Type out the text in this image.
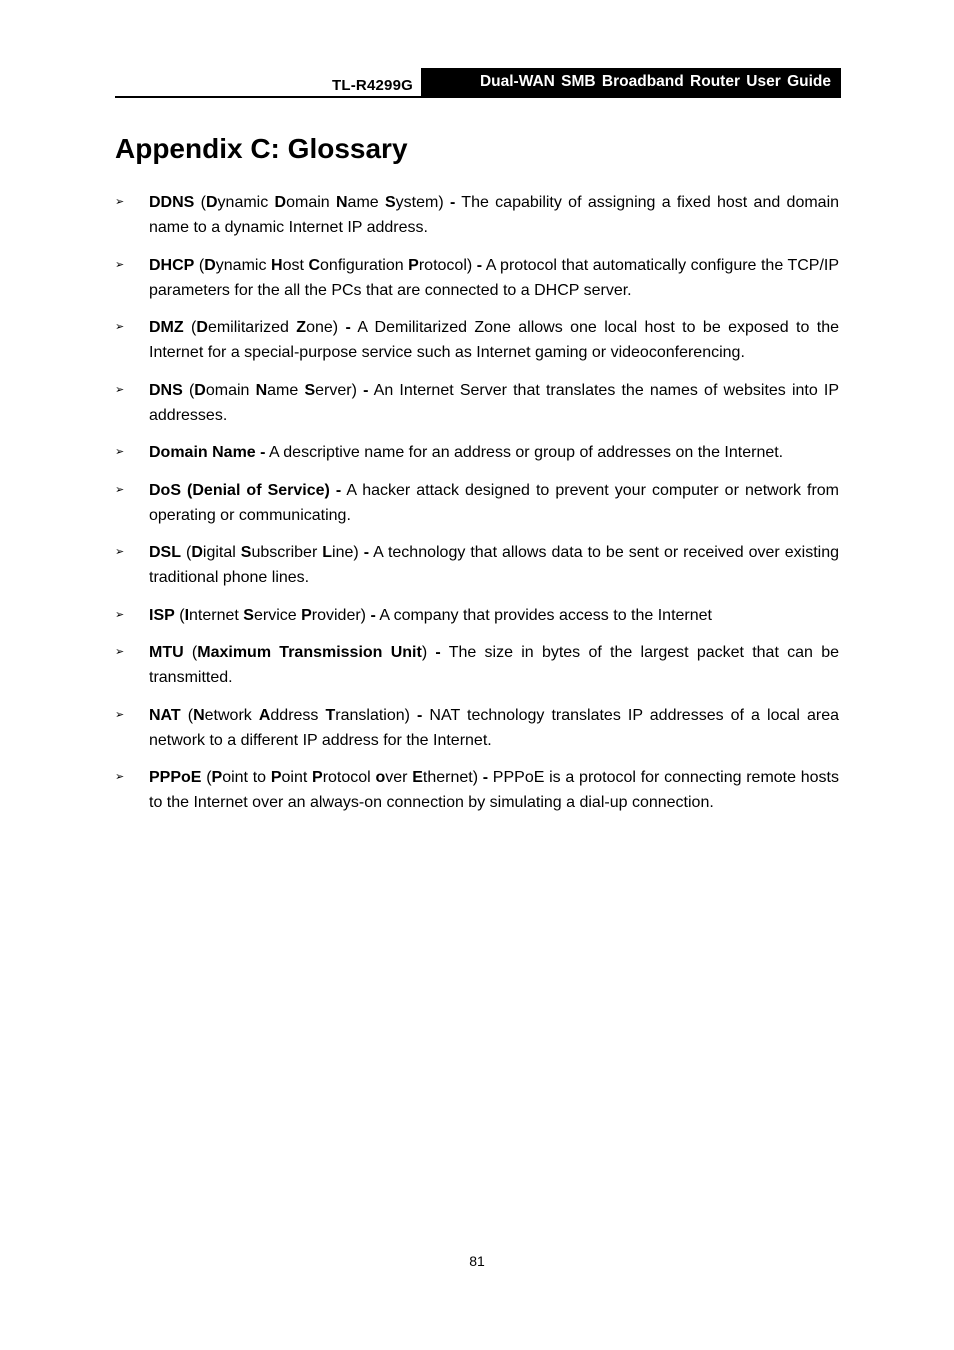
TL-R4299G	Dual-WAN SMB Broadband Router User Guide
Appendix C: Glossary
➢ DDNS (Dynamic Domain Name System) - The capability of assigning a fixed host and domain name to a dynamic Internet IP address.
➢ DHCP (Dynamic Host Configuration Protocol) - A protocol that automatically configure the TCP/IP parameters for the all the PCs that are connected to a DHCP server.
➢ DMZ (Demilitarized Zone) - A Demilitarized Zone allows one local host to be exposed to the Internet for a special-purpose service such as Internet gaming or videoconferencing.
➢ DNS (Domain Name Server) - An Internet Server that translates the names of websites into IP addresses.
➢ Domain Name - A descriptive name for an address or group of addresses on the Internet.
➢ DoS (Denial of Service) - A hacker attack designed to prevent your computer or network from operating or communicating.
➢ DSL (Digital Subscriber Line) - A technology that allows data to be sent or received over existing traditional phone lines.
➢ ISP (Internet Service Provider) - A company that provides access to the Internet
➢ MTU (Maximum Transmission Unit) - The size in bytes of the largest packet that can be transmitted.
➢ NAT (Network Address Translation) - NAT technology translates IP addresses of a local area network to a different IP address for the Internet.
➢ PPPoE (Point to Point Protocol over Ethernet) - PPPoE is a protocol for connecting remote hosts to the Internet over an always-on connection by simulating a dial-up connection.
81
